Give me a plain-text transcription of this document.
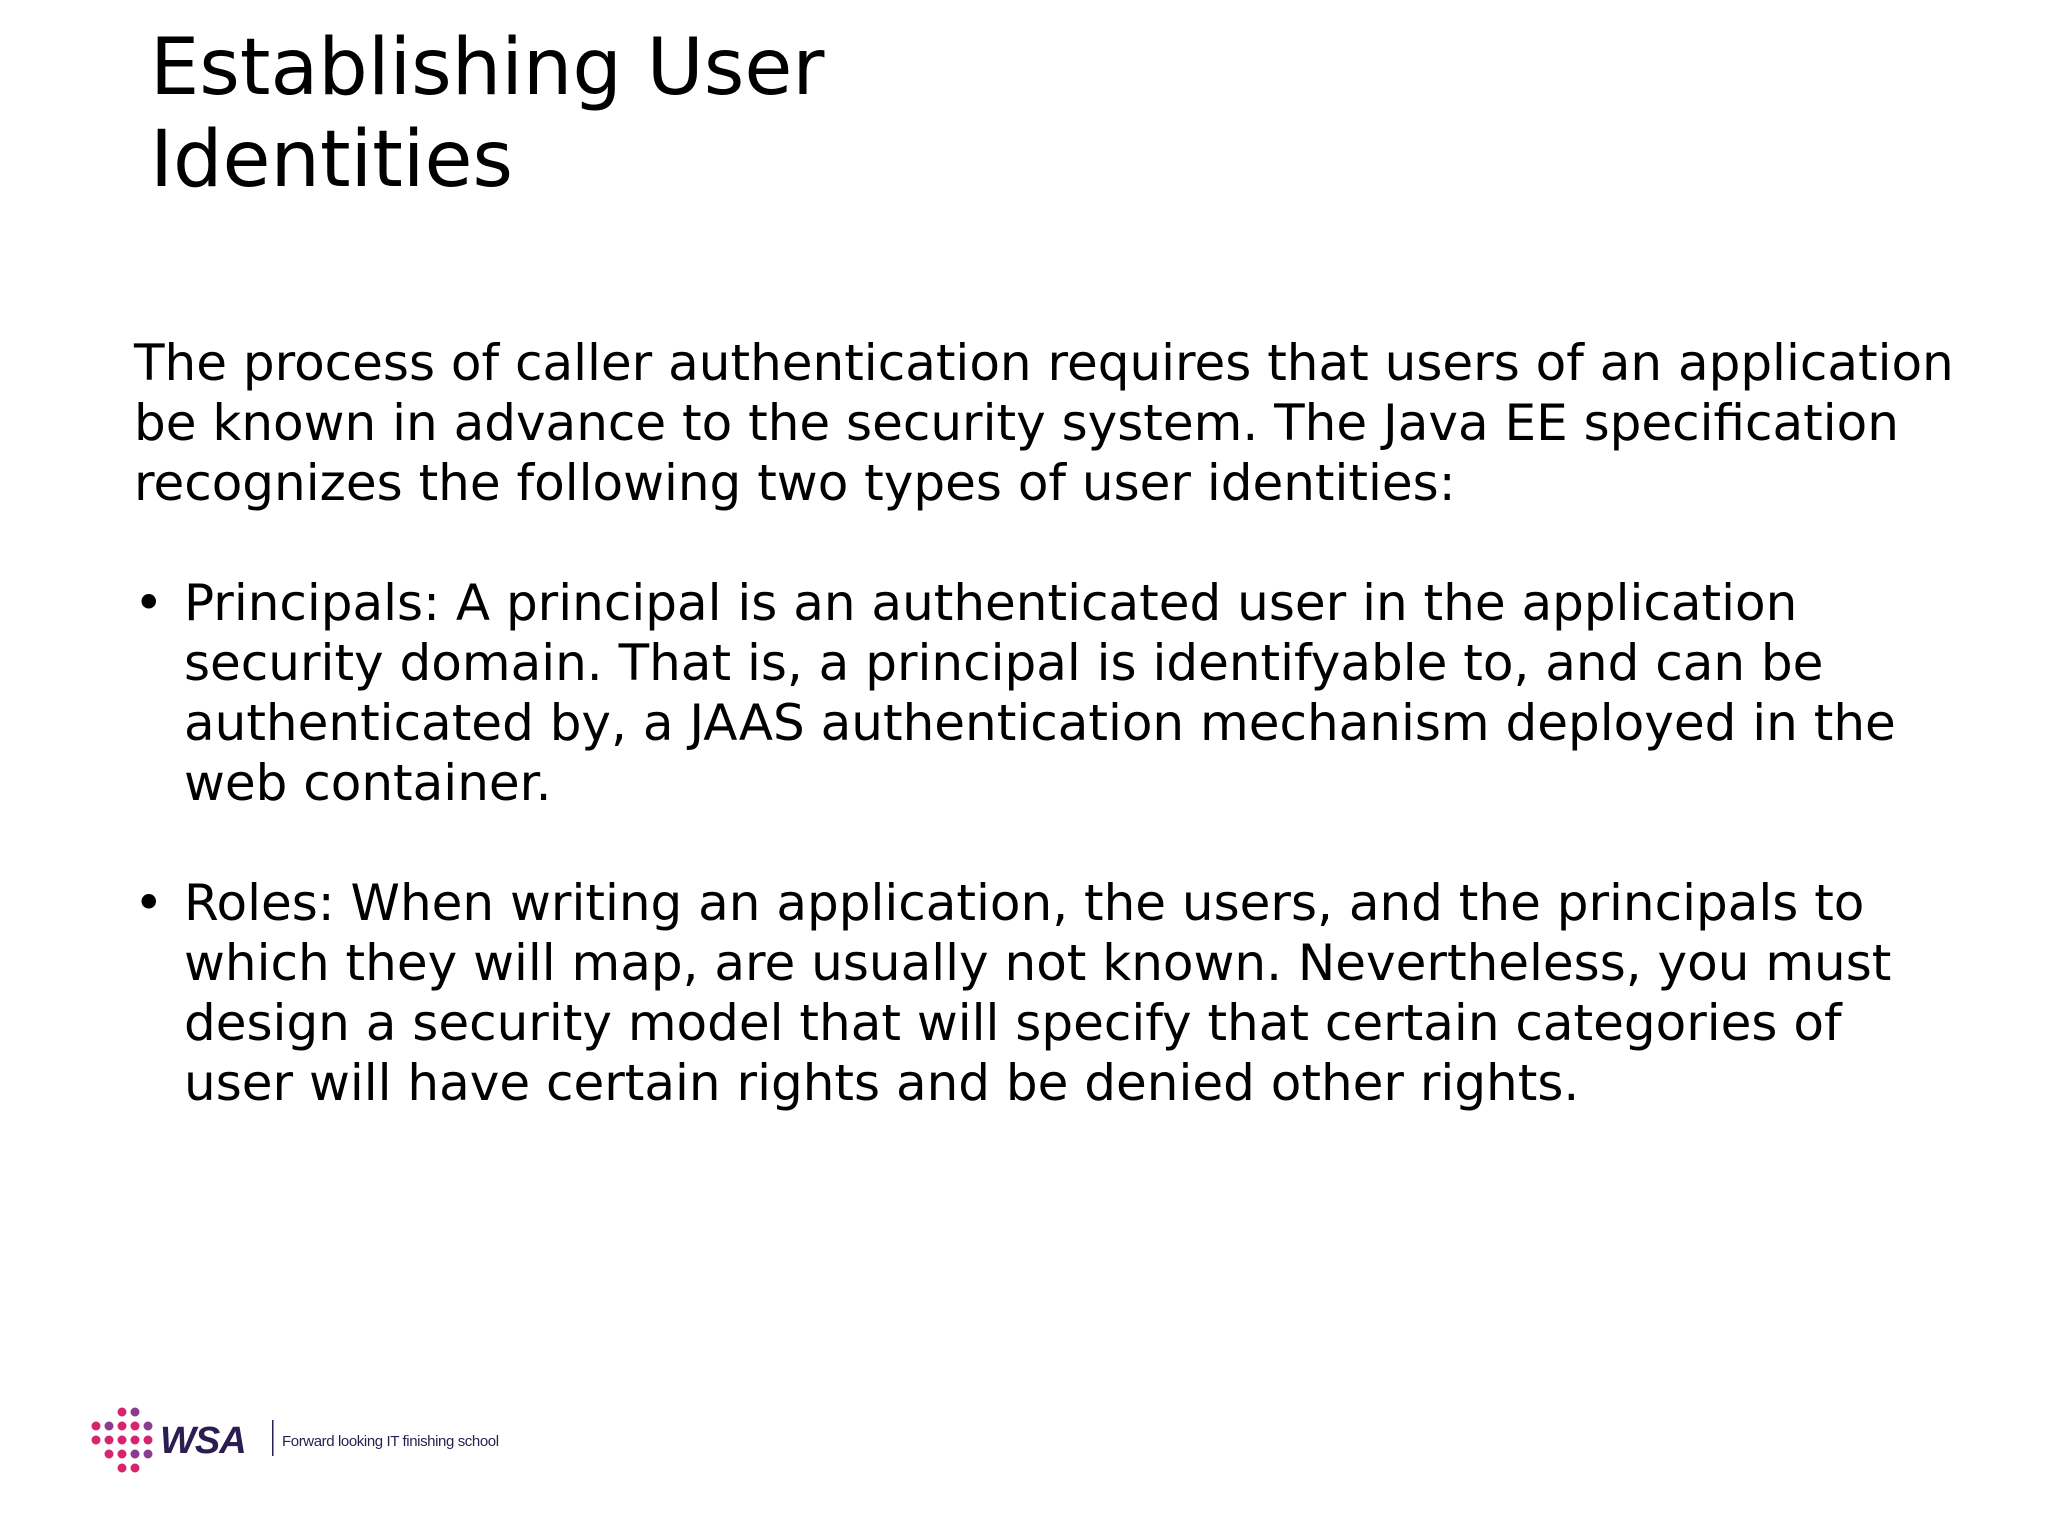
Establishing User Identities

The process of caller authentication requires that users of an application be known in advance to the security system. The Java EE specification recognizes the following two types of user identities:

• Principals: A principal is an authenticated user in the application security domain. That is, a principal is identifyable to, and can be authenticated by, a JAAS authentication mechanism deployed in the web container.
• Roles: When writing an application, the users, and the principals to which they will map, are usually not known. Nevertheless, you must design a security model that will specify that certain categories of user will have certain rights and be denied other rights.
WSA Forward looking IT finishing school
